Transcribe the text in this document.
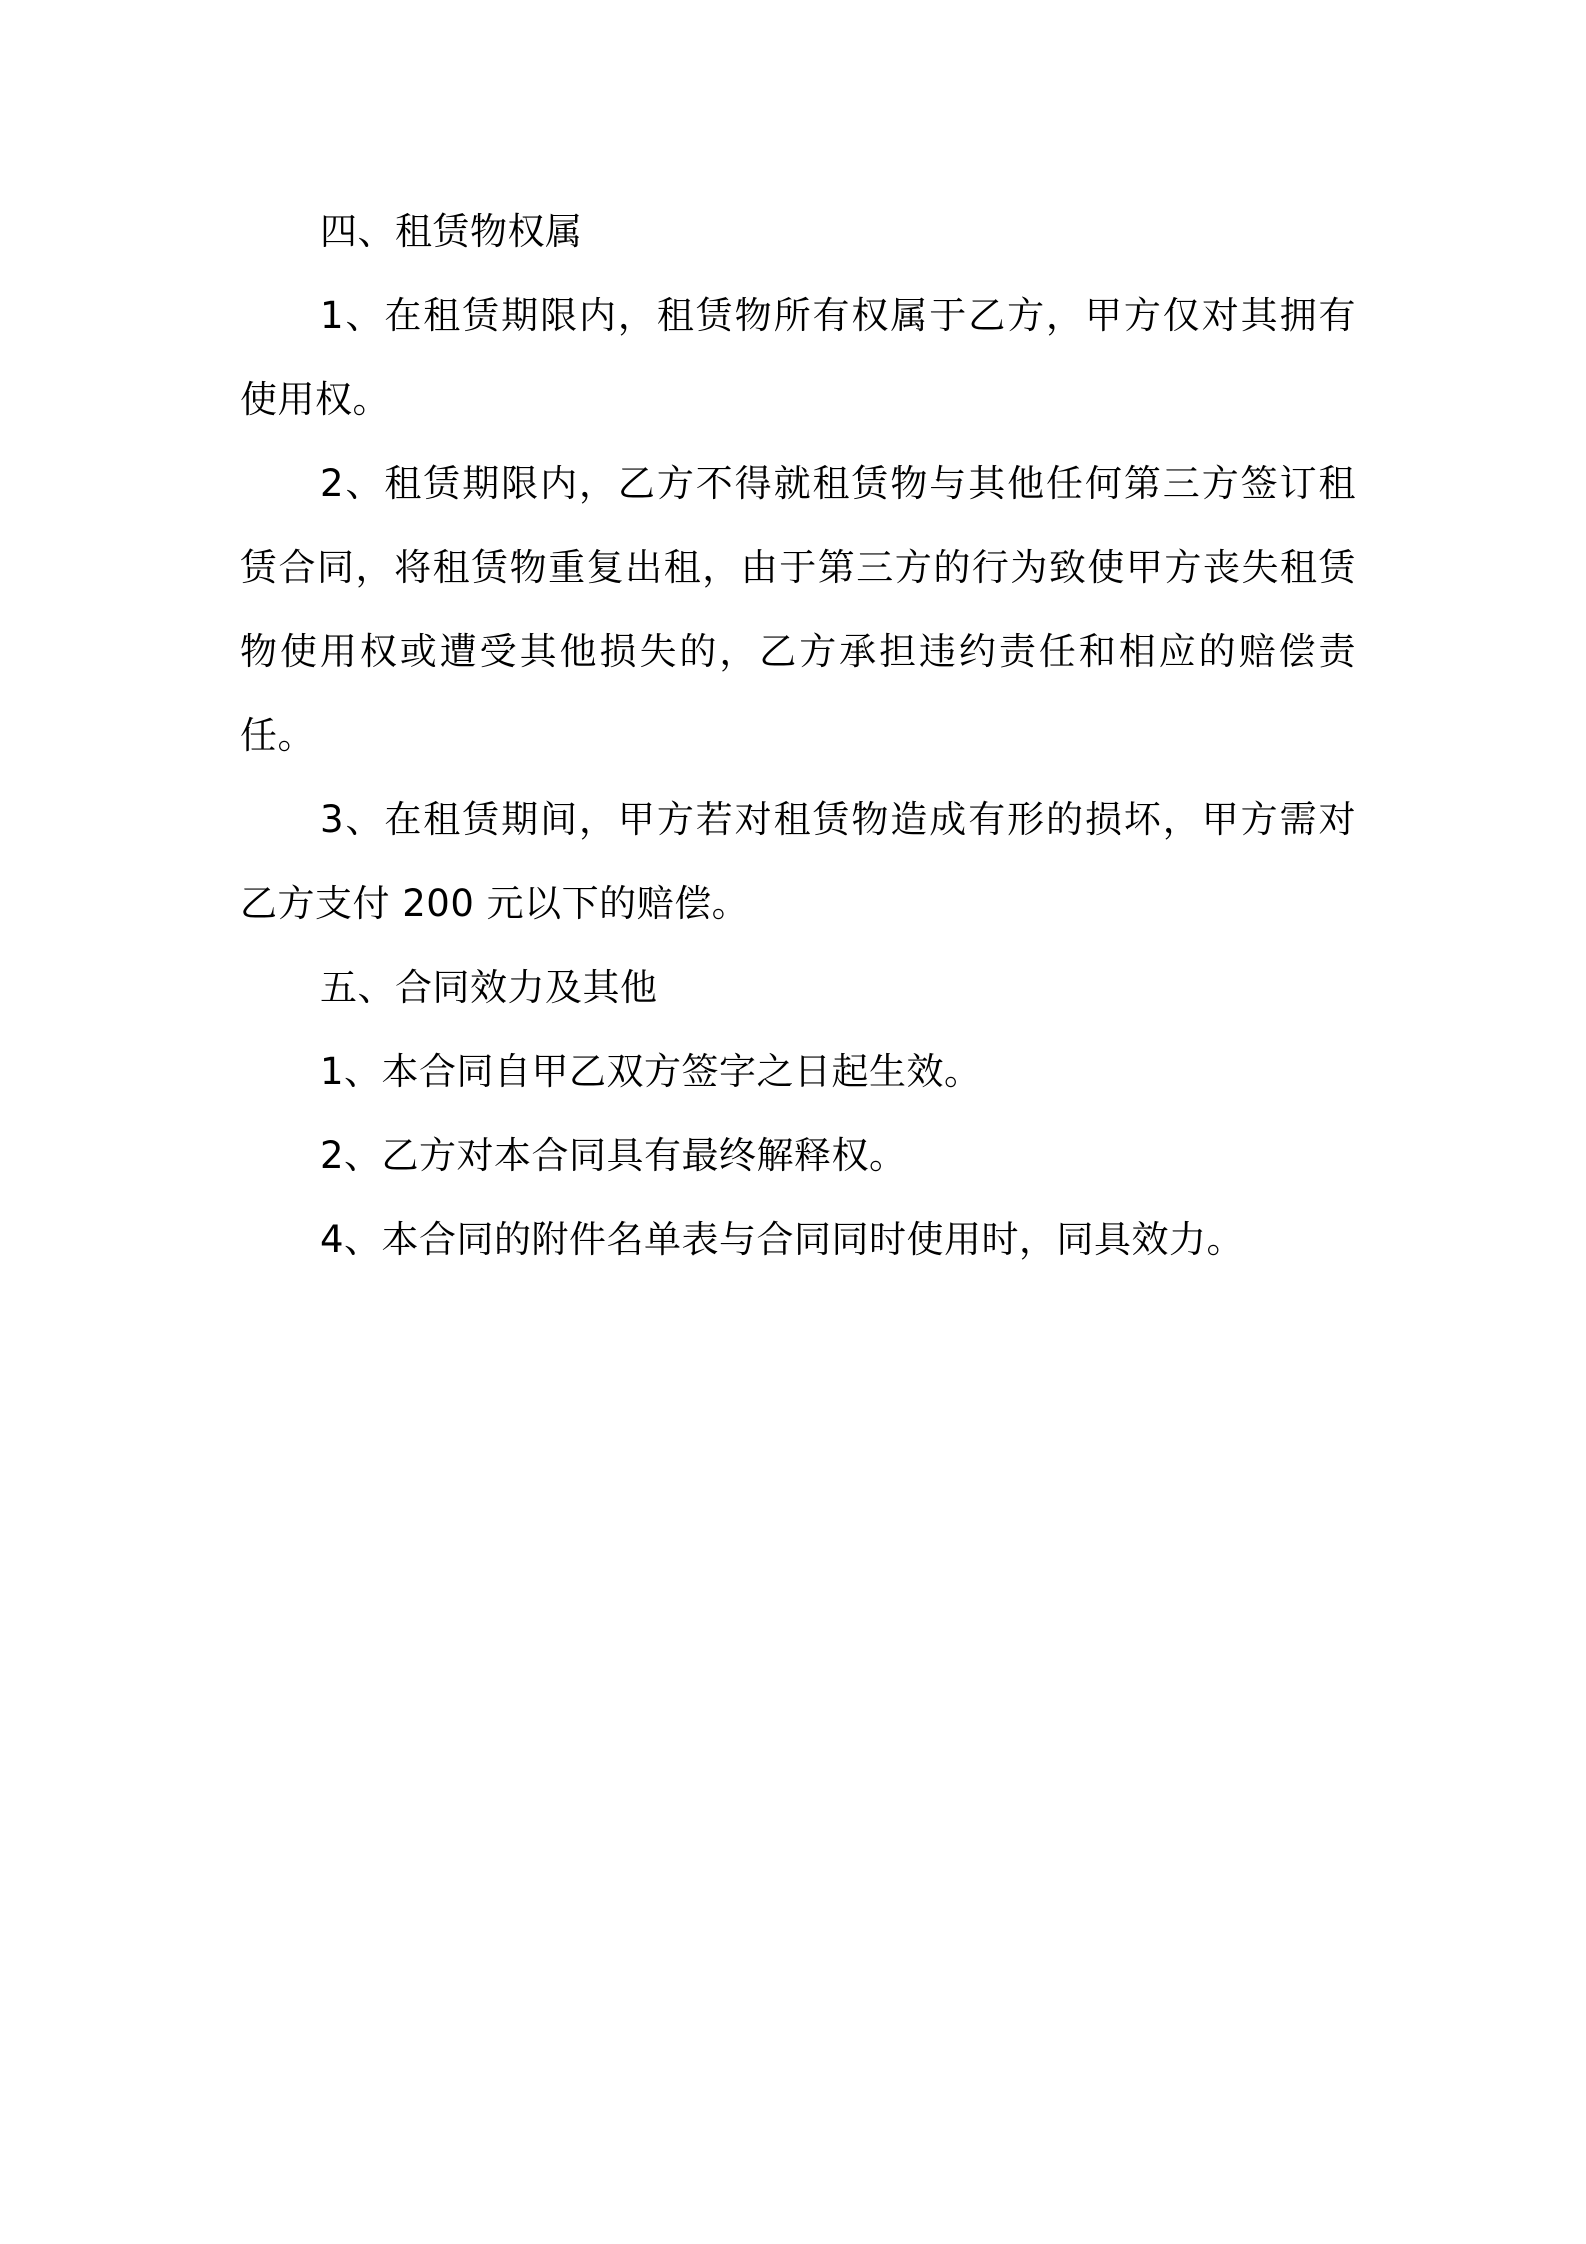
四、租赁物权属

1、在租赁期限内，租赁物所有权属于乙方，甲方仅对其拥有使用权。

2、租赁期限内，乙方不得就租赁物与其他任何第三方签订租赁合同，将租赁物重复出租，由于第三方的行为致使甲方丧失租赁物使用权或遭受其他损失的，乙方承担违约责任和相应的赔偿责任。

3、在租赁期间，甲方若对租赁物造成有形的损坏，甲方需对乙方支付 200 元以下的赔偿。

五、合同效力及其他

1、本合同自甲乙双方签字之日起生效。

2、乙方对本合同具有最终解释权。

4、本合同的附件名单表与合同同时使用时，同具效力。
